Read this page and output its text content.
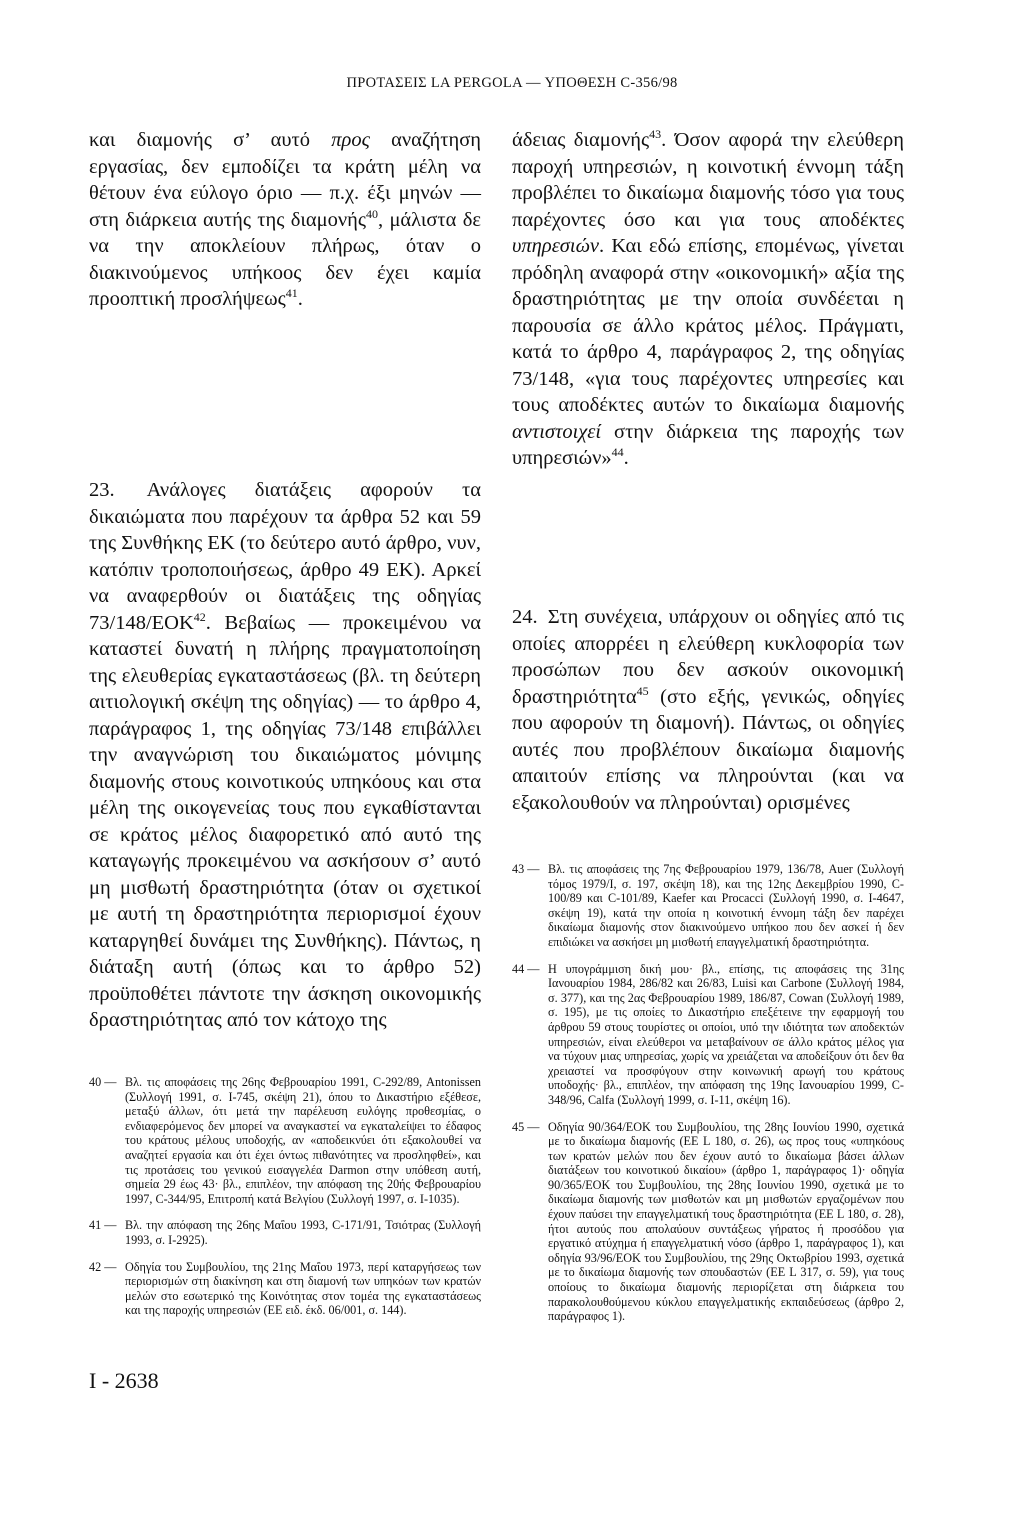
ΠΡΟΤΑΣΕΙΣ LA PERGOLA — ΥΠΟΘΕΣΗ C-356/98

και διαμονής σ’ αυτό προς αναζήτηση εργασίας, δεν εμποδίζει τα κράτη μέλη να θέτουν ένα εύλογο όριο — π.χ. έξι μηνών — στη διάρκεια αυτής της διαμονής$^{40}$, μάλιστα δε να την αποκλείουν πλήρως, όταν ο διακινούμενος υπήκοος δεν έχει καμία προοπτική προσλήψεως$^{41}$.

23. Ανάλογες διατάξεις αφορούν τα δικαιώματα που παρέχουν τα άρθρα 52 και 59 της Συνθήκης ΕΚ (το δεύτερο αυτό άρθρο, νυν, κατόπιν τροποποιήσεως, άρθρο 49 ΕΚ). Αρκεί να αναφερθούν οι διατάξεις της οδηγίας 73/148/ΕΟΚ$^{42}$. Βεβαίως — προκειμένου να καταστεί δυνατή η πλήρης πραγματοποίηση της ελευθερίας εγκαταστάσεως (βλ. τη δεύτερη αιτιολογική σκέψη της οδηγίας) — το άρθρο 4, παράγραφος 1, της οδηγίας 73/148 επιβάλλει την αναγνώριση του δικαιώματος μόνιμης διαμονής στους κοινοτικούς υπηκόους και στα μέλη της οικογενείας τους που εγκαθίστανται σε κράτος μέλος διαφορετικό από αυτό της καταγωγής προκειμένου να ασκήσουν σ’ αυτό μη μισθωτή δραστηριότητα (όταν οι σχετικοί με αυτή τη δραστηριότητα περιορισμοί έχουν καταργηθεί δυνάμει της Συνθήκης). Πάντως, η διάταξη αυτή (όπως και το άρθρο 52) προϋποθέτει πάντοτε την άσκηση οικονομικής δραστηριότητας από τον κάτοχο της

40 — Βλ. τις αποφάσεις της 26ης Φεβρουαρίου 1991, C-292/89, Antonissen (Συλλογή 1991, σ. I-745, σκέψη 21), όπου το Δικαστήριο εξέθεσε, μεταξύ άλλων, ότι μετά την παρέλευση ευλόγης προθεσμίας, ο ενδιαφερόμενος δεν μπορεί να αναγκαστεί να εγκαταλείψει το έδαφος του κράτους μέλους υποδοχής, αν «αποδεικνύει ότι εξακολουθεί να αναζητεί εργασία και ότι έχει όντως πιθανότητες να προσληφθεί», και τις προτάσεις του γενικού εισαγγελέα Darmon στην υπόθεση αυτή, σημεία 29 έως 43· βλ., επιπλέον, την απόφαση της 20ής Φεβρουαρίου 1997, C-344/95, Επιτροπή κατά Βελγίου (Συλλογή 1997, σ. I-1035).
41 — Βλ. την απόφαση της 26ης Μαΐου 1993, C-171/91, Τσιότρας (Συλλογή 1993, σ. I-2925).
42 — Οδηγία του Συμβουλίου, της 21ης Μαΐου 1973, περί καταργήσεως των περιορισμών στη διακίνηση και στη διαμονή των υπηκόων των κρατών μελών στο εσωτερικό της Κοινότητας στον τομέα της εγκαταστάσεως και της παροχής υπηρεσιών (ΕΕ ειδ. έκδ. 06/001, σ. 144).
I - 2638

άδειας διαμονής$^{43}$. Όσον αφορά την ελεύθερη παροχή υπηρεσιών, η κοινοτική έννομη τάξη προβλέπει το δικαίωμα διαμονής τόσο για τους παρέχοντες όσο και για τους αποδέκτες υπηρεσιών. Και εδώ επίσης, επομένως, γίνεται πρόδηλη αναφορά στην «οικονομική» αξία της δραστηριότητας με την οποία συνδέεται η παρουσία σε άλλο κράτος μέλος. Πράγματι, κατά το άρθρο 4, παράγραφος 2, της οδηγίας 73/148, «για τους παρέχοντες υπηρεσίες και τους αποδέκτες αυτών το δικαίωμα διαμονής αντιστοιχεί στην διάρκεια της παροχής των υπηρεσιών»$^{44}$.

24. Στη συνέχεια, υπάρχουν οι οδηγίες από τις οποίες απορρέει η ελεύθερη κυκλοφορία των προσώπων που δεν ασκούν οικονομική δραστηριότητα$^{45}$ (στο εξής, γενικώς, οδηγίες που αφορούν τη διαμονή). Πάντως, οι οδηγίες αυτές που προβλέπουν δικαίωμα διαμονής απαιτούν επίσης να πληρούνται (και να εξακολουθούν να πληρούνται) ορισμένες

43 — Βλ. τις αποφάσεις της 7ης Φεβρουαρίου 1979, 136/78, Auer (Συλλογή τόμος 1979/I, σ. 197, σκέψη 18), και της 12ης Δεκεμβρίου 1990, C-100/89 και C-101/89, Kaefer και Procacci (Συλλογή 1990, σ. I-4647, σκέψη 19), κατά την οποία η κοινοτική έννομη τάξη δεν παρέχει δικαίωμα διαμονής στον διακινούμενο υπήκοο που δεν ασκεί ή δεν επιδιώκει να ασκήσει μη μισθωτή επαγγελματική δραστηριότητα.
44 — Η υπογράμμιση δική μου· βλ., επίσης, τις αποφάσεις της 31ης Ιανουαρίου 1984, 286/82 και 26/83, Luisi και Carbone (Συλλογή 1984, σ. 377), και της 2ας Φεβρουαρίου 1989, 186/87, Cowan (Συλλογή 1989, σ. 195), με τις οποίες το Δικαστήριο επεξέτεινε την εφαρμογή του άρθρου 59 στους τουρίστες οι οποίοι, υπό την ιδιότητα των αποδεκτών υπηρεσιών, είναι ελεύθεροι να μεταβαίνουν σε άλλο κράτος μέλος για να τύχουν μιας υπηρεσίας, χωρίς να χρειάζεται να αποδείξουν ότι δεν θα χρειαστεί να προσφύγουν στην κοινωνική αρωγή του κράτους υποδοχής· βλ., επιπλέον, την απόφαση της 19ης Ιανουαρίου 1999, C-348/96, Calfa (Συλλογή 1999, σ. I-11, σκέψη 16).
45 — Οδηγία 90/364/ΕΟΚ του Συμβουλίου, της 28ης Ιουνίου 1990, σχετικά με το δικαίωμα διαμονής (ΕΕ L 180, σ. 26), ως προς τους «υπηκόους των κρατών μελών που δεν έχουν αυτό το δικαίωμα βάσει άλλων διατάξεων του κοινοτικού δικαίου» (άρθρο 1, παράγραφος 1)· οδηγία 90/365/ΕΟΚ του Συμβουλίου, της 28ης Ιουνίου 1990, σχετικά με το δικαίωμα διαμονής των μισθωτών και μη μισθωτών εργαζομένων που έχουν παύσει την επαγγελματική τους δραστηριότητα (ΕΕ L 180, σ. 28), ήτοι αυτούς που απολαύουν συντάξεως γήρατος ή προσόδου για εργατικό ατύχημα ή επαγγελματική νόσο (άρθρο 1, παράγραφος 1), και οδηγία 93/96/ΕΟΚ του Συμβουλίου, της 29ης Οκτωβρίου 1993, σχετικά με το δικαίωμα διαμονής των σπουδαστών (ΕΕ L 317, σ. 59), για τους οποίους το δικαίωμα διαμονής περιορίζεται στη διάρκεια του παρακολουθούμενου κύκλου επαγγελματικής εκπαιδεύσεως (άρθρο 2, παράγραφος 1).
